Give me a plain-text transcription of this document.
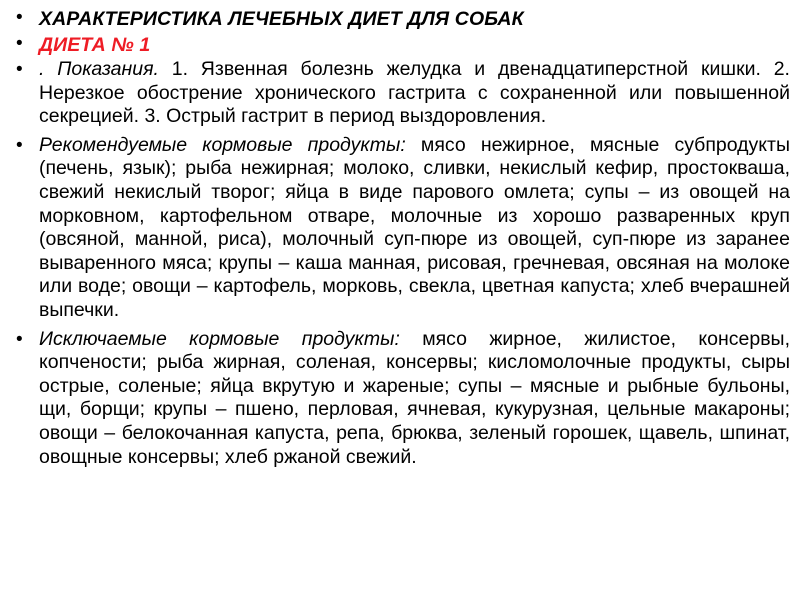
• ХАРАКТЕРИСТИКА ЛЕЧЕБНЫХ ДИЕТ ДЛЯ СОБАК
• ДИЕТА № 1
• . Показания. 1. Язвенная болезнь желудка и двенадцатиперстной кишки. 2. Нерезкое обострение хронического гастрита с сохраненной или повышенной секрецией. 3. Острый гастрит в период выздоровления.
• Рекомендуемые кормовые продукты: мясо нежирное, мясные субпродукты (печень, язык); рыба нежирная; молоко, сливки, некислый кефир, простокваша, свежий некислый творог; яйца в виде парового омлета; супы – из овощей на морковном, картофельном отваре, молочные из хорошо разваренных круп (овсяной, манной, риса), молочный суп-пюре из овощей, суп-пюре из заранее вываренного мяса; крупы – каша манная, рисовая, гречневая, овсяная на молоке или воде; овощи – картофель, морковь, свекла, цветная капуста; хлеб вчерашней выпечки.
• Исключаемые кормовые продукты: мясо жирное, жилистое, консервы, копчености; рыба жирная, соленая, консервы; кисломолочные продукты, сыры острые, соленые; яйца вкрутую и жареные; супы – мясные и рыбные бульоны, щи, борщи; крупы – пшено, перловая, ячневая, кукурузная, цельные макароны; овощи – белокочанная капуста, репа, брюква, зеленый горошек, щавель, шпинат, овощные консервы; хлеб ржаной свежий.
